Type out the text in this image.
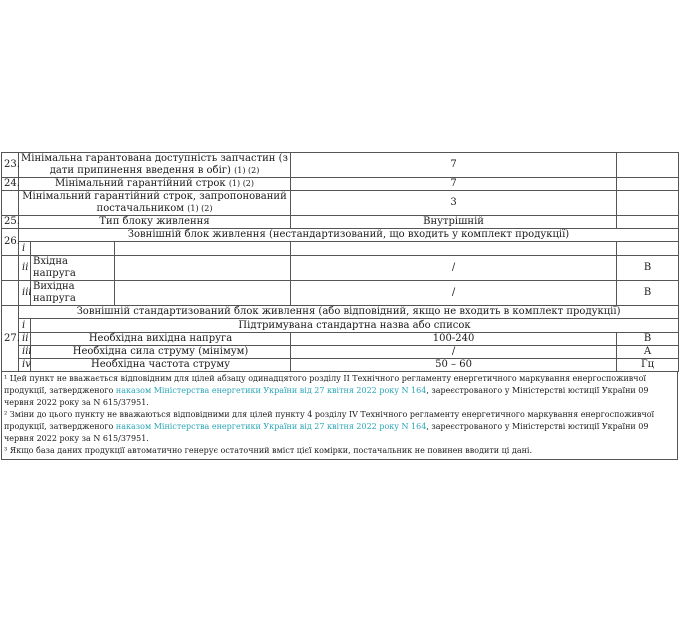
23.	Мінімальна гарантована доступність запчастин (з дати припинення введення в обіг) (1) (2)			7	
24.	Мінімальний гарантійний строк (1) (2)			7	
	Мінімальний гарантійний строк, запропонований постачальником (1) (2)			3	
25.	Тип блоку живлення			Внутрішній	
26.	Зовнішній блок живлення (нестандартизований, що входить у комплект продукції)				
	i				
	ii	Вхідна напруга		/	В
	iii	Вихідна напруга		/	В
27.	Зовнішній стандартизований блок живлення (або відповідний, якщо не входить в комплект продукції)				
	i	Підтримувана стандартна назва або список			
	ii	Необхідна вихідна напруга		100-240	В
	iii	Необхідна сила струму (мінімум)		/	А
	iv	Необхідна частота струму		50 – 60	Гц

¹ Цей пункт не вважається відповідним для цілей абзацу одинадцятого розділу II Технічного регламенту енергетичного маркування енергоспоживчої продукції, затвердженого наказом Міністерства енергетики України від 27 квітня 2022 року N 164, зареєстрованого у Міністерстві юстиції України 09 червня 2022 року за N 615/37951.

² Зміни до цього пункту не вважаються відповідними для цілей пункту 4 розділу IV Технічного регламенту енергетичного маркування енергоспоживчої продукції, затвердженого наказом Міністерства енергетики України від 27 квітня 2022 року N 164, зареєстрованого у Міністерстві юстиції України 09 червня 2022 року за N 615/37951.

³ Якщо база даних продукції автоматично генерує остаточний вміст цієї комірки, постачальник не повинен вводити ці дані.
